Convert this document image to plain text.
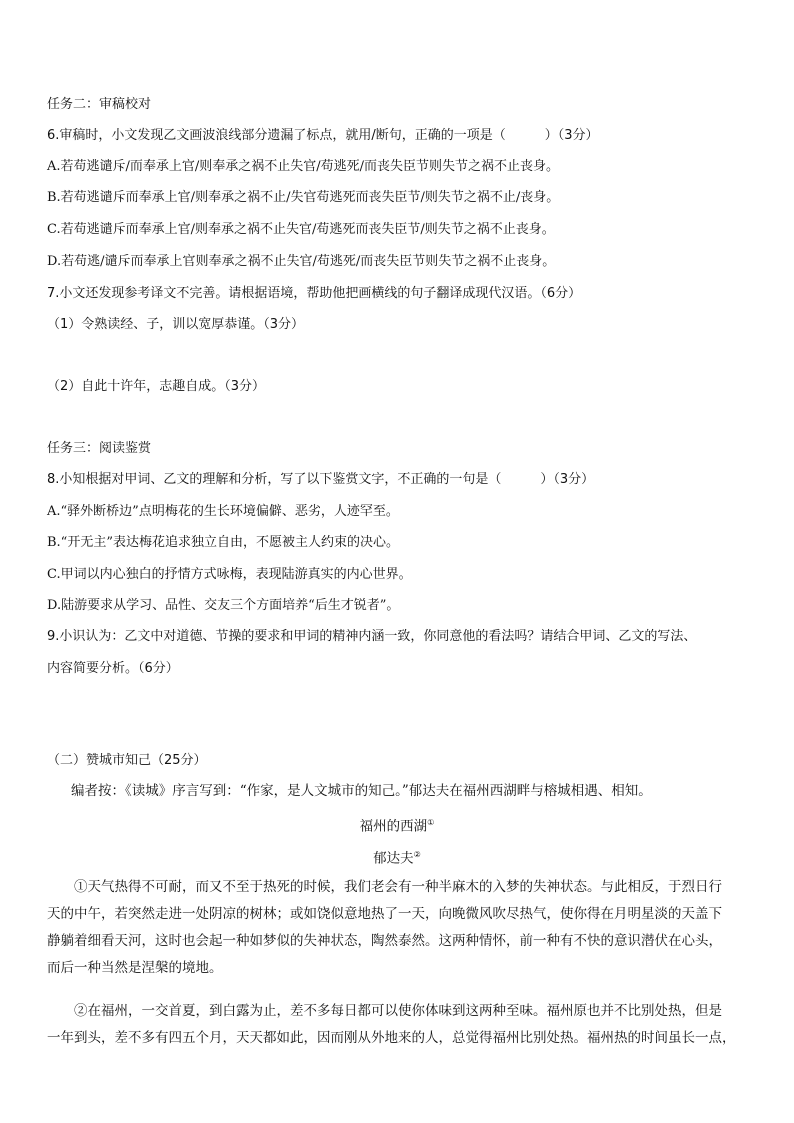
任务二：审稿校对
6.审稿时，小文发现乙文画波浪线部分遗漏了标点，就用/断句，正确的一项是（　　　）（3分）
A.若苟逃谴斥/而奉承上官/则奉承之祸不止失官/苟逃死/而丧失臣节则失节之祸不止丧身。
B.若苟逃谴斥而奉承上官/则奉承之祸不止/失官苟逃死而丧失臣节/则失节之祸不止/丧身。
C.若苟逃谴斥而奉承上官/则奉承之祸不止失官/苟逃死而丧失臣节/则失节之祸不止丧身。
D.若苟逃/谴斥而奉承上官则奉承之祸不止失官/苟逃死/而丧失臣节则失节之祸不止丧身。
7.小文还发现参考译文不完善。请根据语境，帮助他把画横线的句子翻译成现代汉语。（6分）
（1）令熟读经、子，训以宽厚恭谨。（3分）
（2）自此十许年，志趣自成。（3分）
任务三：阅读鉴赏
8.小知根据对甲词、乙文的理解和分析，写了以下鉴赏文字，不正确的一句是（　　　）（3分）
A.“驿外断桥边”点明梅花的生长环境偏僻、恶劣，人迹罕至。
B.“开无主”表达梅花追求独立自由，不愿被主人约束的决心。
C.甲词以内心独白的抒情方式咏梅，表现陆游真实的内心世界。
D.陆游要求从学习、品性、交友三个方面培养“后生才锐者”。
9.小识认为：乙文中对道德、节操的要求和甲词的精神内涵一致，你同意他的看法吗？请结合甲词、乙文的写法、
内容简要分析。（6分）
（二）赞城市知己（25分）
编者按：《读城》序言写到：“作家，是人文城市的知己。”郁达夫在福州西湖畔与榕城相遇、相知。
福州的西湖①
郁达夫②
①天气热得不可耐，而又不至于热死的时候，我们老会有一种半麻木的入梦的失神状态。与此相反，于烈日行
天的中午，若突然走进一处阴凉的树林；或如饶似意地热了一天，向晚微风吹尽热气，使你得在月明星淡的天盖下
静躺着细看天河，这时也会起一种如梦似的失神状态，陶然泰然。这两种情怀，前一种有不快的意识潜伏在心头，
而后一种当然是涅槃的境地。
②在福州，一交首夏，到白露为止，差不多每日都可以使你体味到这两种至味。福州原也并不比别处热，但是
一年到头，差不多有四五个月，天天都如此，因而刚从外地来的人，总觉得福州比别处热。福州热的时间虽长一点，
